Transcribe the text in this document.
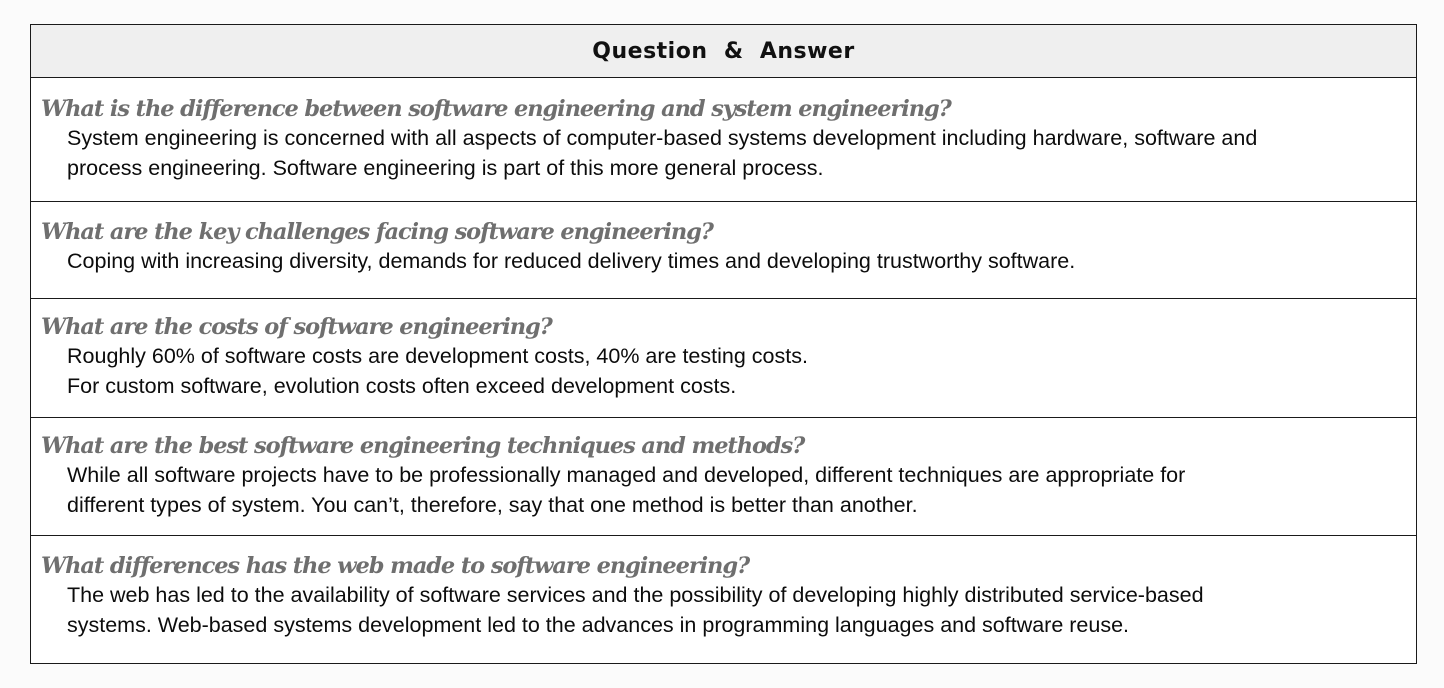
Question  &  Answer
What is the difference between software engineering and system engineering?
System engineering is concerned with all aspects of computer-based systems development including hardware, software and
process engineering. Software engineering is part of this more general process.
What are the key challenges facing software engineering?
Coping with increasing diversity, demands for reduced delivery times and developing trustworthy software.
What are the costs of software engineering?
Roughly 60% of software costs are development costs, 40% are testing costs.
For custom software, evolution costs often exceed development costs.
What are the best software engineering techniques and methods?
While all software projects have to be professionally managed and developed, different techniques are appropriate for
different types of system. You can’t, therefore, say that one method is better than another.
What differences has the web made to software engineering?
The web has led to the availability of software services and the possibility of developing highly distributed service-based
systems. Web-based systems development led to the advances in programming languages and software reuse.
